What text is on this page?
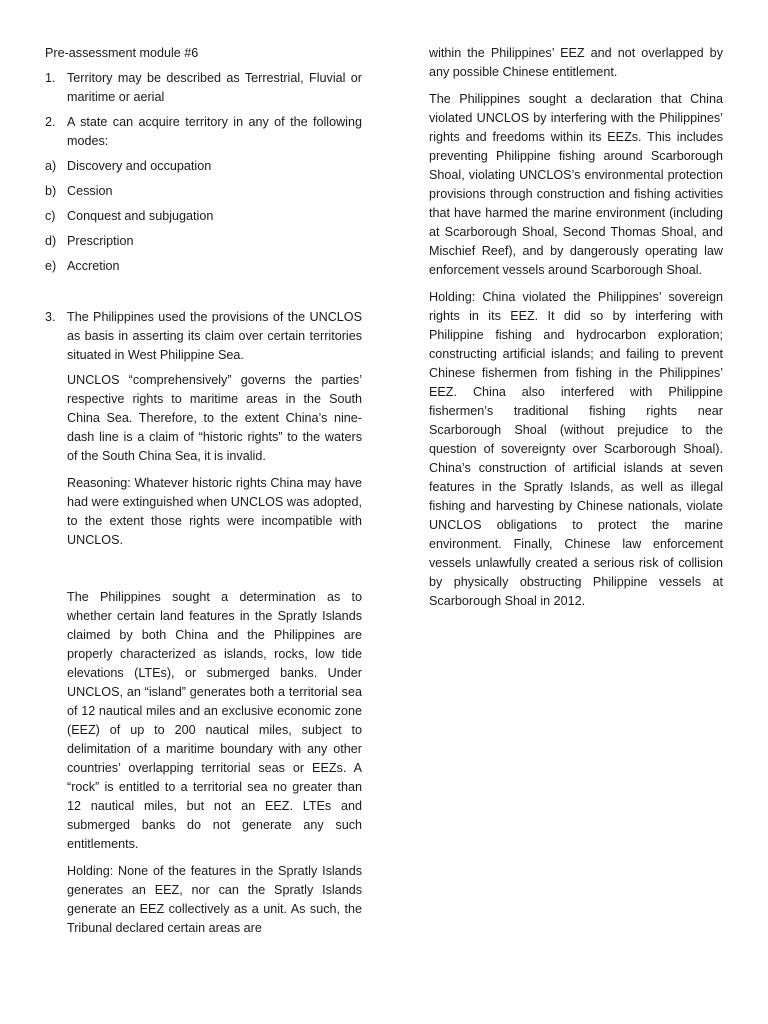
Pre-assessment module #6
1. Territory may be described as Terrestrial, Fluvial or maritime or aerial
2. A state can acquire territory in any of the following modes:
a) Discovery and occupation
b) Cession
c) Conquest and subjugation
d) Prescription
e) Accretion
3. The Philippines used the provisions of the UNCLOS as basis in asserting its claim over certain territories situated in West Philippine Sea.
UNCLOS “comprehensively” governs the parties’ respective rights to maritime areas in the South China Sea. Therefore, to the extent China’s nine-dash line is a claim of “historic rights” to the waters of the South China Sea, it is invalid.
Reasoning: Whatever historic rights China may have had were extinguished when UNCLOS was adopted, to the extent those rights were incompatible with UNCLOS.
The Philippines sought a determination as to whether certain land features in the Spratly Islands claimed by both China and the Philippines are properly characterized as islands, rocks, low tide elevations (LTEs), or submerged banks. Under UNCLOS, an “island” generates both a territorial sea of 12 nautical miles and an exclusive economic zone (EEZ) of up to 200 nautical miles, subject to delimitation of a maritime boundary with any other countries’ overlapping territorial seas or EEZs. A “rock” is entitled to a territorial sea no greater than 12 nautical miles, but not an EEZ. LTEs and submerged banks do not generate any such entitlements.
Holding: None of the features in the Spratly Islands generates an EEZ, nor can the Spratly Islands generate an EEZ collectively as a unit. As such, the Tribunal declared certain areas are
within the Philippines’ EEZ and not overlapped by any possible Chinese entitlement.
The Philippines sought a declaration that China violated UNCLOS by interfering with the Philippines’ rights and freedoms within its EEZs. This includes preventing Philippine fishing around Scarborough Shoal, violating UNCLOS’s environmental protection provisions through construction and fishing activities that have harmed the marine environment (including at Scarborough Shoal, Second Thomas Shoal, and Mischief Reef), and by dangerously operating law enforcement vessels around Scarborough Shoal.
Holding: China violated the Philippines’ sovereign rights in its EEZ. It did so by interfering with Philippine fishing and hydrocarbon exploration; constructing artificial islands; and failing to prevent Chinese fishermen from fishing in the Philippines’ EEZ. China also interfered with Philippine fishermen’s traditional fishing rights near Scarborough Shoal (without prejudice to the question of sovereignty over Scarborough Shoal). China’s construction of artificial islands at seven features in the Spratly Islands, as well as illegal fishing and harvesting by Chinese nationals, violate UNCLOS obligations to protect the marine environment. Finally, Chinese law enforcement vessels unlawfully created a serious risk of collision by physically obstructing Philippine vessels at Scarborough Shoal in 2012.
